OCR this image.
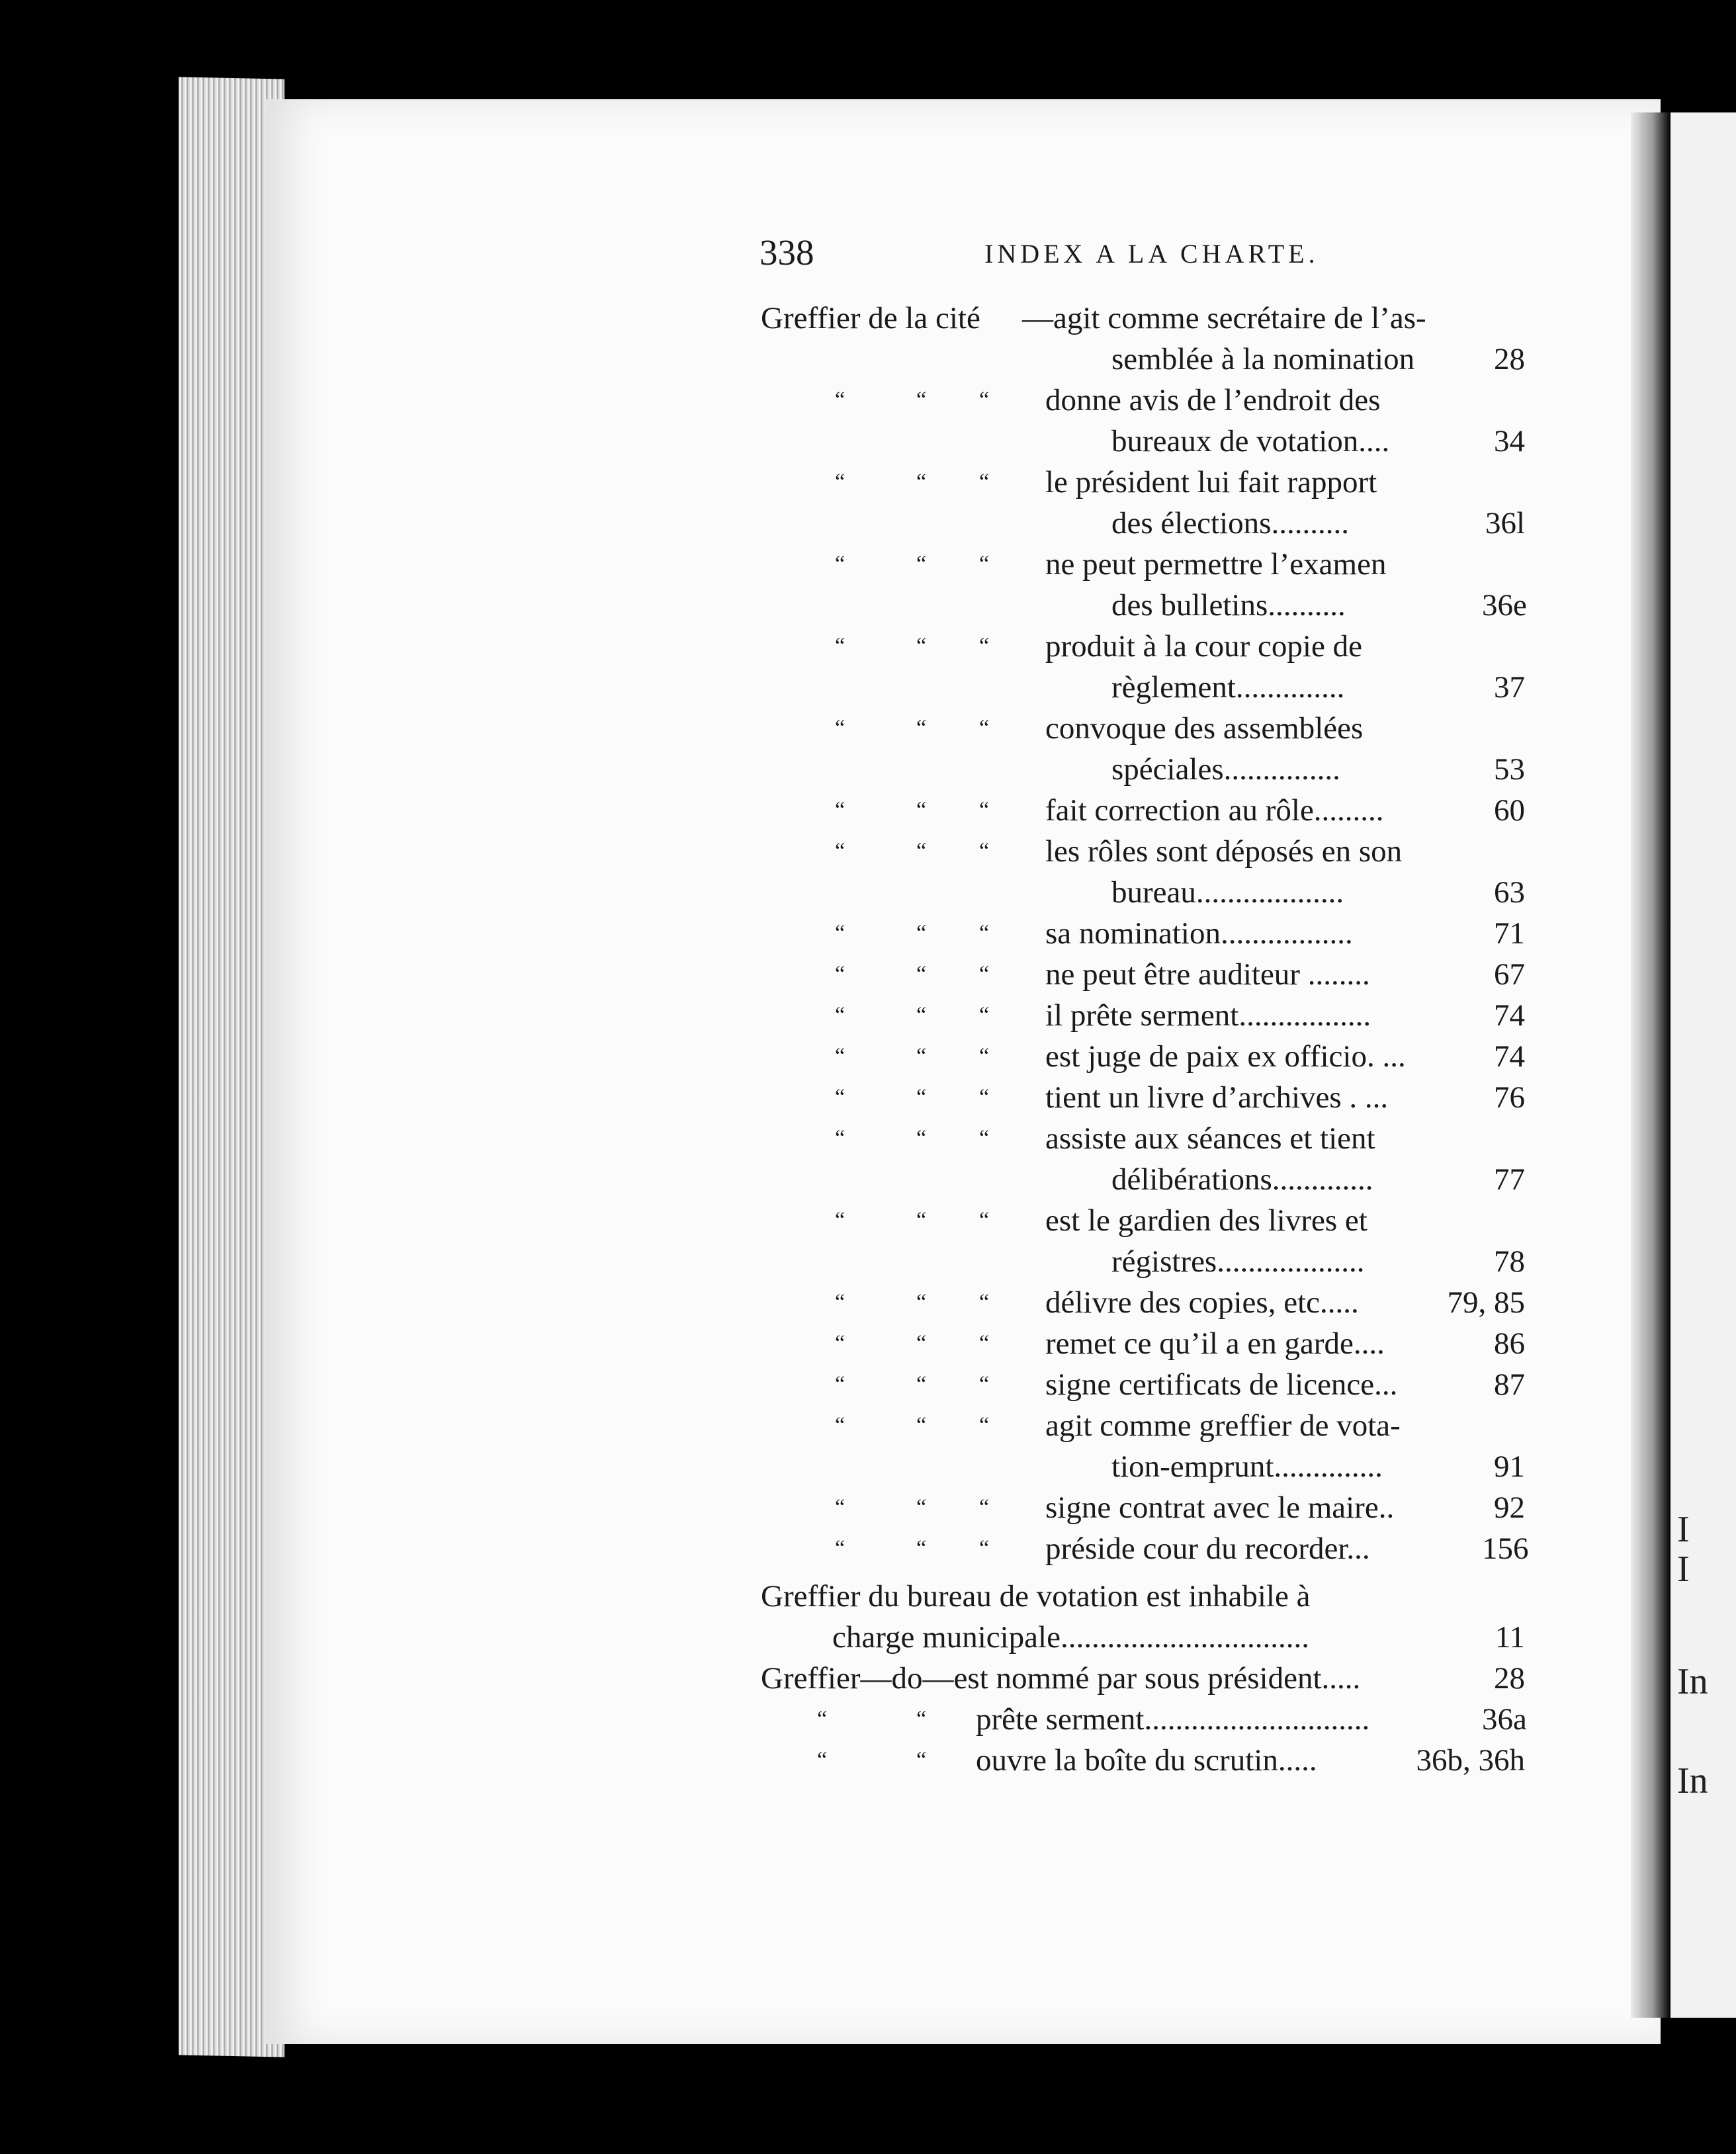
I
I
In
In
338	INDEX A LA CHARTE.
Greffier de la cité —agit comme secrétaire de l’as-
semblée à la nomination	28
“	“ “ donne avis de l’endroit des
bureaux de votation....	34
“	“ “ le président lui fait rapport
des élections..........	36l
“	“ “ ne peut permettre l’examen
des bulletins..........	36e
“	“ “ produit à la cour copie de
règlement..............	37
“	“ “ convoque des assemblées
spéciales...............	53
“	“ “ fait correction au rôle.........	60
“	“ “ les rôles sont déposés en son
bureau...................	63
“	“ “ sa nomination.................	71
“	“ “ ne peut être auditeur ........	67
“	“ “ il prête serment.................	74
“	“ “ est juge de paix ex officio. ...	74
“	“ “ tient un livre d’archives . ...	76
“	“ “ assiste aux séances et tient
délibérations.............	77
“	“ “ est le gardien des livres et
régistres...................	78
“	“ “ délivre des copies, etc.....	79, 85
“	“ “ remet ce qu’il a en garde....	86
“	“ “ signe certificats de licence...	87
“	“ “ agit comme greffier de vota-
tion-emprunt..............	91
“	“ “ signe contrat avec le maire..	92
“	“ “ préside cour du recorder...	156
Greffier du bureau de votation est inhabile à
charge municipale................................	11
Greffier—do—est nommé par sous président.....	28
“	“ prête serment.............................	36a
“	“ ouvre la boîte du scrutin.....	36b, 36h
